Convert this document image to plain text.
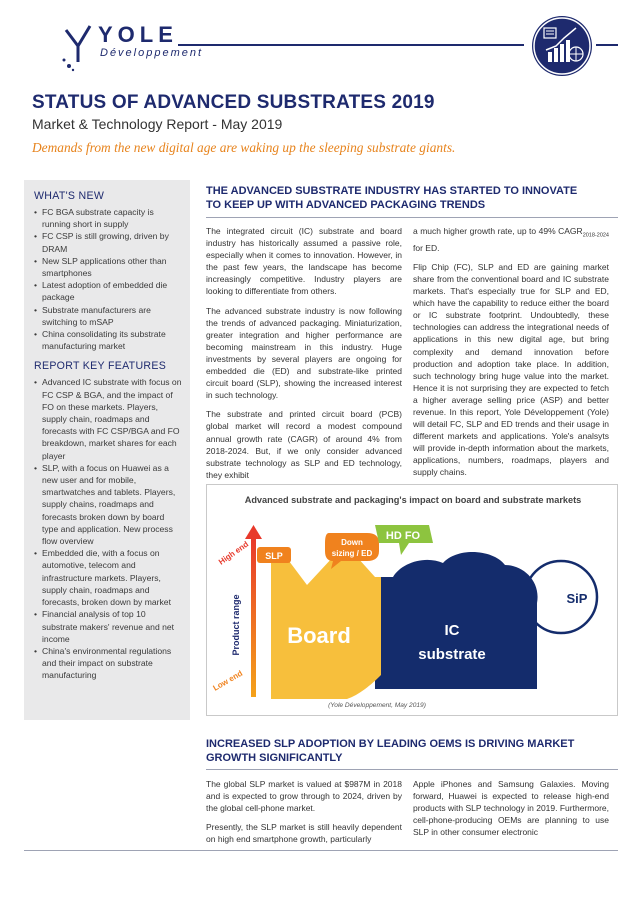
YOLE
Développement
STATUS OF ADVANCED SUBSTRATES 2019
Market & Technology Report - May 2019
Demands from the new digital age are waking up the sleeping substrate giants.
WHAT'S NEW
• FC BGA substrate capacity is running short in supply
• FC CSP is still growing, driven by DRAM
• New SLP applications other than smartphones
• Latest adoption of embedded die package
• Substrate manufacturers are switching to mSAP
• China consolidating its substrate manufacturing market
REPORT KEY FEATURES
• Advanced IC substrate with focus on FC CSP & BGA, and the impact of FO on these markets. Players, supply chain, roadmaps and forecasts with FC CSP/BGA and FO breakdown, market shares for each player
• SLP, with a focus on Huawei as a new user and for mobile, smartwatches and tablets. Players, supply chains, roadmaps and forecasts broken down by board type and application. New process flow overview
• Embedded die, with a focus on automotive, telecom and infrastructure markets. Players, supply chain, roadmaps and forecasts, broken down by market
• Financial analysis of top 10 substrate makers' revenue and net income
• China's environmental regulations and their impact on substrate manufacturing
THE ADVANCED SUBSTRATE INDUSTRY HAS STARTED TO INNOVATE
TO KEEP UP WITH ADVANCED PACKAGING TRENDS

The integrated circuit (IC) substrate and board industry has historically assumed a passive role, especially when it comes to innovation. However, in the past few years, the landscape has become increasingly competitive. Industry players are looking to differentiate from others.

The advanced substrate industry is now following the trends of advanced packaging. Miniaturization, greater integration and higher performance are becoming mainstream in this industry. Huge investments by several players are ongoing for embedded die (ED) and substrate-like printed circuit board (SLP), showing the increased interest in such technology.

The substrate and printed circuit board (PCB) global market will record a modest compound annual growth rate (CAGR) of around 4% from 2018-2024. But, if we only consider advanced substrate technology as SLP and ED technology, they exhibit

a much higher growth rate, up to 49% $CAGR_{2018-2024}$ for ED.

Flip Chip (FC), SLP and ED are gaining market share from the conventional board and IC substrate markets. That's especially true for SLP and ED, which have the capability to reduce either the board or IC substrate footprint. Undoubtedly, these technologies can address the integrational needs of applications in this new digital age, but bring complexity and demand innovation before production and adoption take place. In addition, such technology bring huge value into the market. Hence it is not surprising they are expected to fetch a higher average selling price (ASP) and better revenue. In this report, Yole Développement (Yole) will detail FC, SLP and ED trends and their usage in different markets and applications. Yole's analsyts will provide in-depth information about the markets, applications, numbers, roadmaps, players and supply chains.

Advanced substrate and packaging's impact on board and substrate markets
Product range
High end
Low end
SiP
IC
substrate
Board
SLP
Down
sizing / ED
HD FO
(Yole Développement, May 2019)
INCREASED SLP ADOPTION BY LEADING OEMS IS DRIVING MARKET
GROWTH SIGNIFICANTLY

The global SLP market is valued at $987M in 2018 and is expected to grow through to 2024, driven by the global cell-phone market.

Presently, the SLP market is still heavily dependent on high end smartphone growth, particularly

Apple iPhones and Samsung Galaxies. Moving forward, Huawei is expected to release high-end products with SLP technology in 2019. Furthermore, cell-phone-producing OEMs are planning to use SLP in other consumer electronic
